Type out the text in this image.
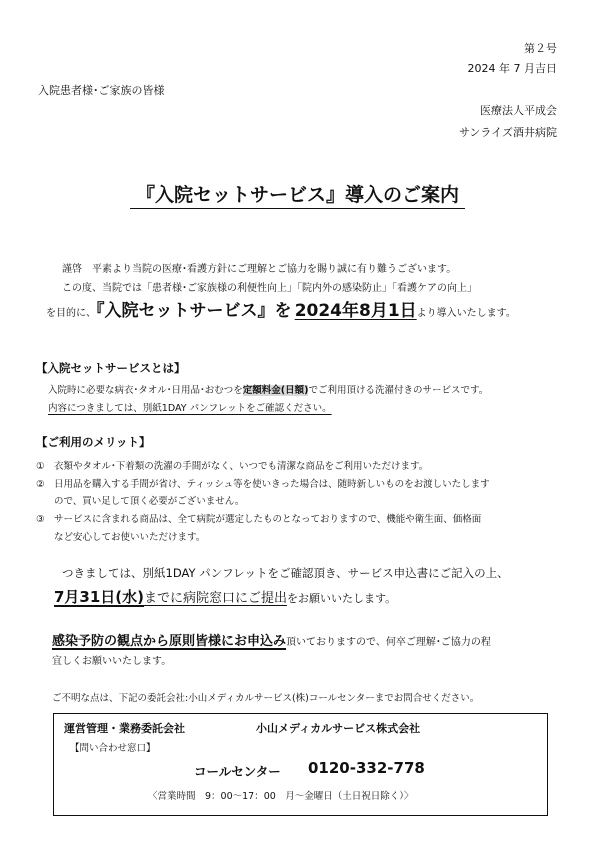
第２号
2024 年 7 月吉日
入院患者様･ご家族の皆様
医療法人平成会
サンライズ酒井病院
『入院セットサービス』導入のご案内
謹啓　平素より当院の医療･看護方針にご理解とご協力を賜り誠に有り難うございます。
この度、当院では「患者様･ご家族様の利便性向上」「院内外の感染防止」「看護ケアの向上」
を目的に、『入院セットサービス』を 2024年8月1日より導入いたします。
【入院セットサービスとは】
入院時に必要な病衣･タオル･日用品･おむつを定額料金(日額)でご利用頂ける洗濯付きのサービスです。
内容につきましては、別紙1DAY パンフレットをご確認ください。
【ご利用のメリット】
① 衣類やタオル･下着類の洗濯の手間がなく、いつでも清潔な商品をご利用いただけます。
② 日用品を購入する手間が省け、ティッシュ等を使いきった場合は、随時新しいものをお渡しいたします
ので、買い足して頂く必要がございません。
③ サービスに含まれる商品は、全て病院が選定したものとなっておりますので、機能や衛生面、価格面
など安心してお使いいただけます。
つきましては、別紙1DAY パンフレットをご確認頂き、サービス申込書にご記入の上、
7月31日(水)までに病院窓口にご提出をお願いいたします。
感染予防の観点から原則皆様にお申込み頂いておりますので、何卒ご理解･ご協力の程
宜しくお願いいたします。
ご不明な点は、下記の委託会社:小山メディカルサービス(株)コールセンターまでお問合せください。
運営管理・業務委託会社	小山メディカルサービス株式会社
【問い合わせ窓口】
コールセンター 0120-332-778
〈営業時間　9：00～17：00　月～金曜日（土日祝日除く）〉
